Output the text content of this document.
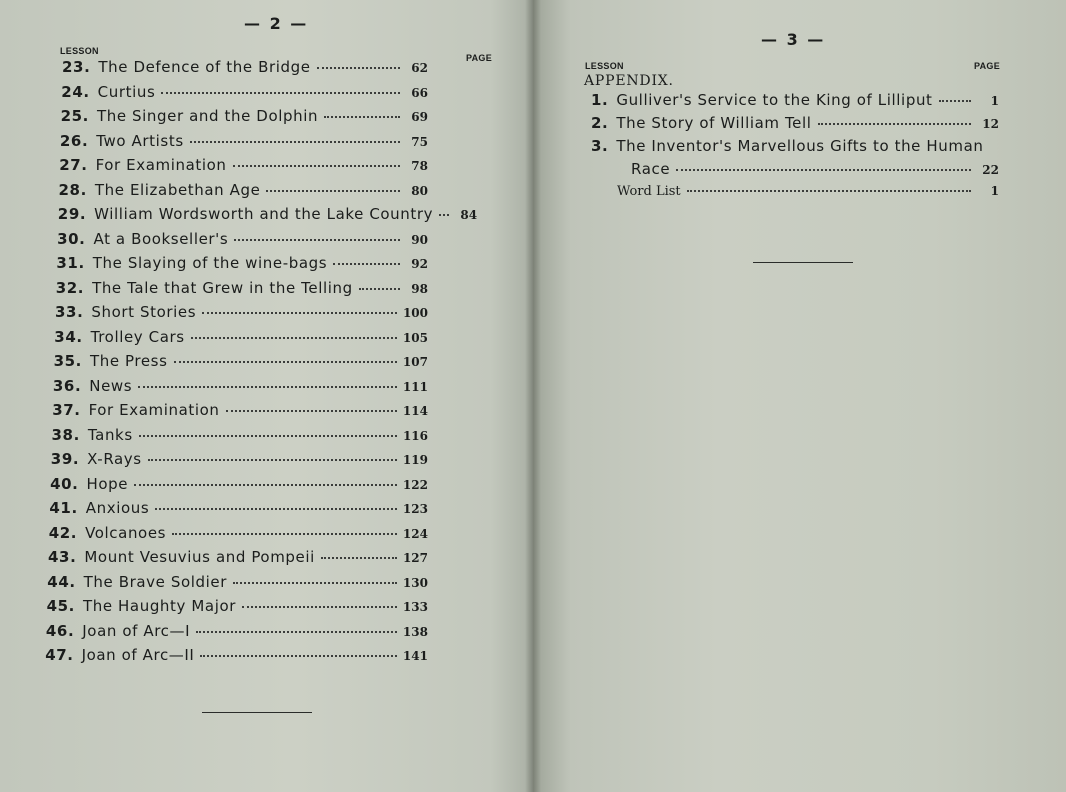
— 2 —
LESSON
PAGE
23. The Defence of the Bridge	62
24. Curtius	66
25. The Singer and the Dolphin	69
26. Two Artists	75
27. For Examination	78
28. The Elizabethan Age	80
29. William Wordsworth and the Lake Country	84
30. At a Bookseller's	90
31. The Slaying of the wine-bags	92
32. The Tale that Grew in the Telling	98
33. Short Stories	100
34. Trolley Cars	105
35. The Press	107
36. News	111
37. For Examination	114
38. Tanks	116
39. X-Rays	119
40. Hope	122
41. Anxious	123
42. Volcanoes	124
43. Mount Vesuvius and Pompeii	127
44. The Brave Soldier	130
45. The Haughty Major	133
46. Joan of Arc—I	138
47. Joan of Arc—II	141
— 3 —
LESSON	PAGE
APPENDIX.
1. Gulliver's Service to the King of Lilliput	1
2. The Story of William Tell	12
3. The Inventor's Marvellous Gifts to the Human
Race	22
Word List	1
